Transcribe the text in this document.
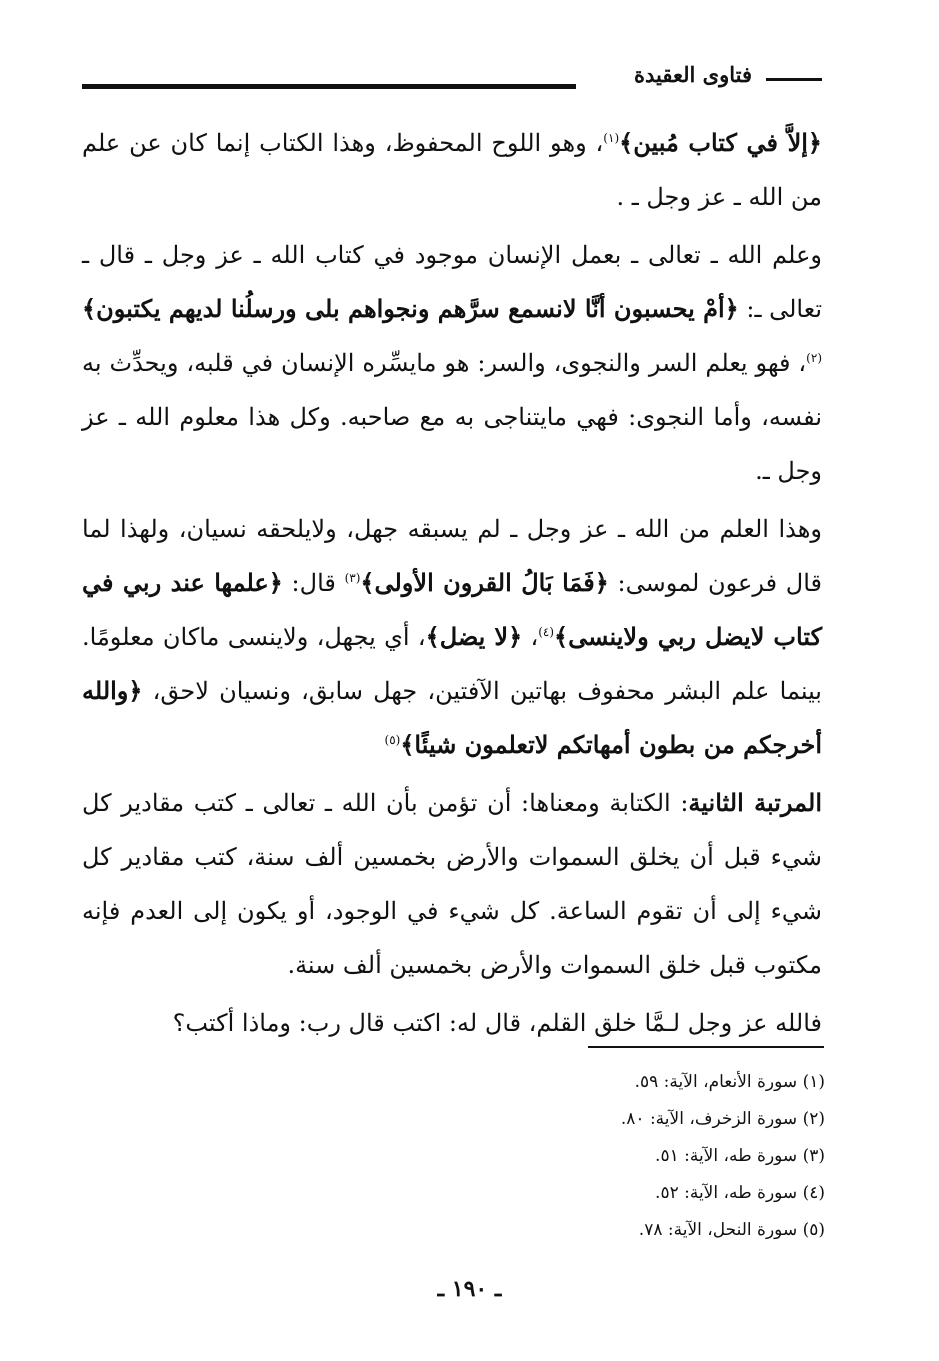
فتاوى العقيدة

﴿إلاَّ في كتاب مُبين﴾$^{(١)}$، وهو اللوح المحفوظ، وهذا الكتاب إنما كان عن علم من الله ـ عز وجل ـ .

وعلم الله ـ تعالى ـ بعمل الإنسان موجود في كتاب الله ـ عز وجل ـ قال ـ تعالى ـ: ﴿أمْ يحسبون أنَّا لانسمع سرَّهم ونجواهم بلى ورسلُنا لديهم يكتبون﴾$^{(٢)}$، فهو يعلم السر والنجوى، والسر: هو مايسِّره الإنسان في قلبه، ويحدِّث به نفسه، وأما النجوى: فهي مايتناجى به مع صاحبه. وكل هذا معلوم الله ـ عز وجل ـ.

وهذا العلم من الله ـ عز وجل ـ لم يسبقه جهل، ولايلحقه نسيان، ولهذا لما قال فرعون لموسى: ﴿فَمَا بَالُ القرون الأولى﴾$^{(٣)}$ قال: ﴿علمها عند ربي في كتاب لايضل ربي ولاينسى﴾$^{(٤)}$، ﴿لا يضل﴾، أي يجهل، ولاينسى ماكان معلومًا. بينما علم البشر محفوف بهاتين الآفتين، جهل سابق، ونسيان لاحق، ﴿والله أخرجكم من بطون أمهاتكم لاتعلمون شيئًا﴾$^{(٥)}$

المرتبة الثانية: الكتابة ومعناها: أن تؤمن بأن الله ـ تعالى ـ كتب مقادير كل شيء قبل أن يخلق السموات والأرض بخمسين ألف سنة، كتب مقادير كل شيء إلى أن تقوم الساعة. كل شيء في الوجود، أو يكون إلى العدم فإنه مكتوب قبل خلق السموات والأرض بخمسين ألف سنة.

فالله عز وجل لـمَّا خلق القلم، قال له: اكتب قال رب: وماذا أكتب؟

(١) سورة الأنعام، الآية: ٥٩.
(٢) سورة الزخرف، الآية: ٨٠.
(٣) سورة طه، الآية: ٥١.
(٤) سورة طه، الآية: ٥٢.
(٥) سورة النحل، الآية: ٧٨.
ـ ١٩٠ ـ
